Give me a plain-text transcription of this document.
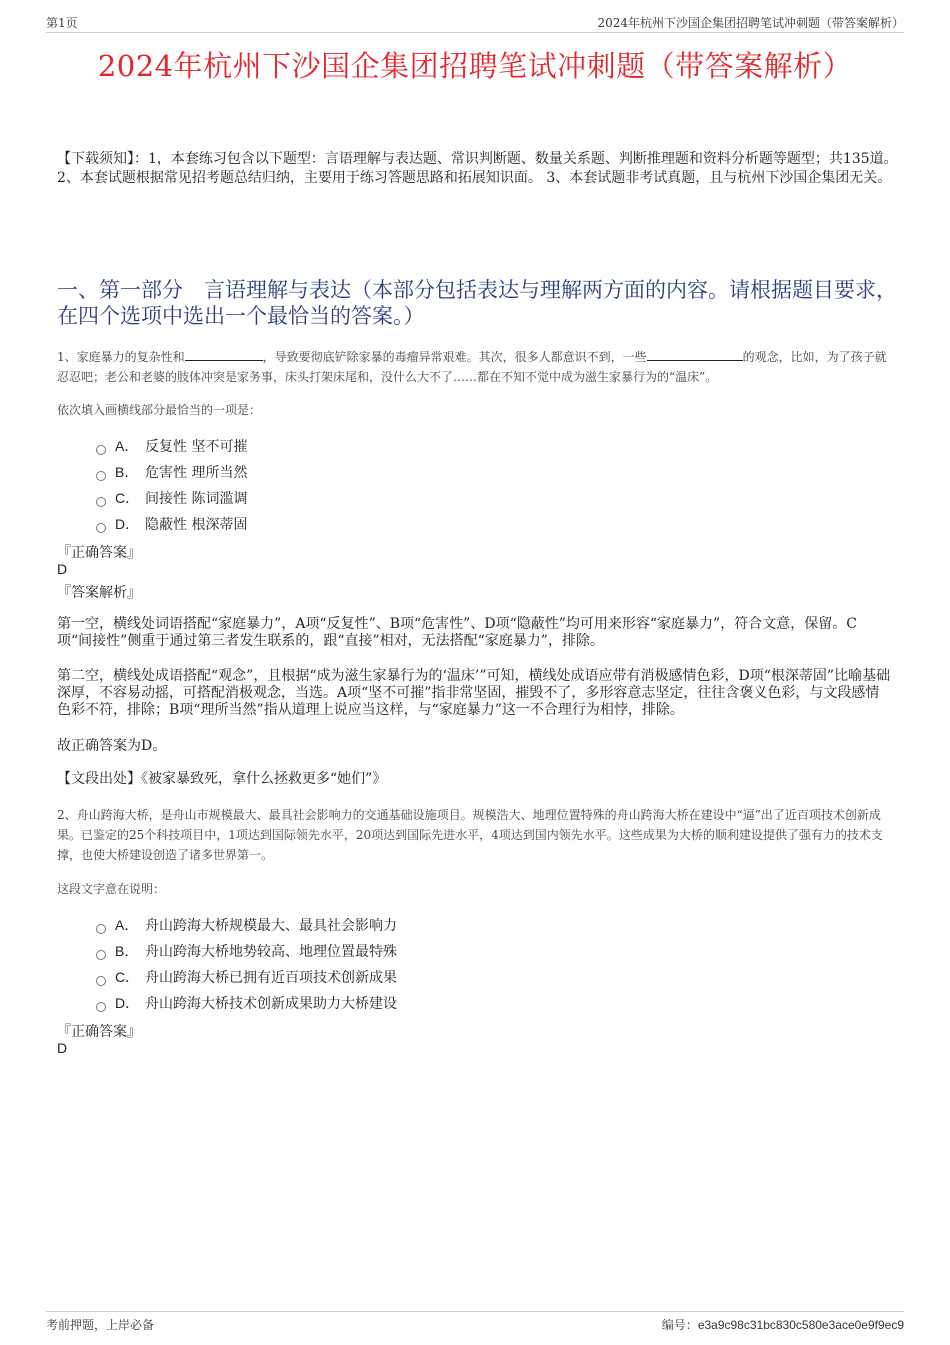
第1页	2024年杭州下沙国企集团招聘笔试冲刺题（带答案解析）
2024年杭州下沙国企集团招聘笔试冲刺题（带答案解析）
【下载须知】：1，本套练习包含以下题型：言语理解与表达题、常识判断题、数量关系题、判断推理题和资料分析题等题型；共135道。 2、本套试题根据常见招考题总结归纳，主要用于练习答题思路和拓展知识面。 3、本套试题非考试真题，且与杭州下沙国企集团无关。
一、第一部分　言语理解与表达（本部分包括表达与理解两方面的内容。请根据题目要求，在四个选项中选出一个最恰当的答案。）
1、家庭暴力的复杂性和	，导致要彻底铲除家暴的毒瘤异常艰难。其次，很多人都意识不到，一些	的观念，比如，为了孩子就忍忍吧；老公和老婆的肢体冲突是家务事，床头打架床尾和，没什么大不了……都在不知不觉中成为滋生家暴行为的“温床”。
依次填入画横线部分最恰当的一项是：
A． 反复性 坚不可摧
B． 危害性 理所当然
C． 间接性 陈词滥调
D． 隐蔽性 根深蒂固
『正确答案』
D
『答案解析』
第一空，横线处词语搭配“家庭暴力”，A项“反复性”、B项“危害性”、D项“隐蔽性”均可用来形容“家庭暴力”，符合文意，保留。C项“间接性”侧重于通过第三者发生联系的，跟“直接”相对，无法搭配“家庭暴力”，排除。
第二空，横线处成语搭配“观念”，且根据“成为滋生家暴行为的‘温床’”可知，横线处成语应带有消极感情色彩，D项“根深蒂固”比喻基础深厚，不容易动摇，可搭配消极观念，当选。A项“坚不可摧”指非常坚固，摧毁不了，多形容意志坚定，往往含褒义色彩，与文段感情色彩不符，排除；B项“理所当然”指从道理上说应当这样，与“家庭暴力”这一不合理行为相悖，排除。
故正确答案为D。
【文段出处】《被家暴致死，拿什么拯救更多“她们”》
2、舟山跨海大桥，是舟山市规模最大、最具社会影响力的交通基础设施项目。规模浩大、地理位置特殊的舟山跨海大桥在建设中“逼”出了近百项技术创新成果。已鉴定的25个科技项目中，1项达到国际领先水平，20项达到国际先进水平，4项达到国内领先水平。这些成果为大桥的顺利建设提供了强有力的技术支撑，也使大桥建设创造了诸多世界第一。
这段文字意在说明：
A． 舟山跨海大桥规模最大、最具社会影响力
B． 舟山跨海大桥地势较高、地理位置最特殊
C． 舟山跨海大桥已拥有近百项技术创新成果
D． 舟山跨海大桥技术创新成果助力大桥建设
『正确答案』
D
考前押题，上岸必备	编号：e3a9c98c31bc830c580e3ace0e9f9ec9
